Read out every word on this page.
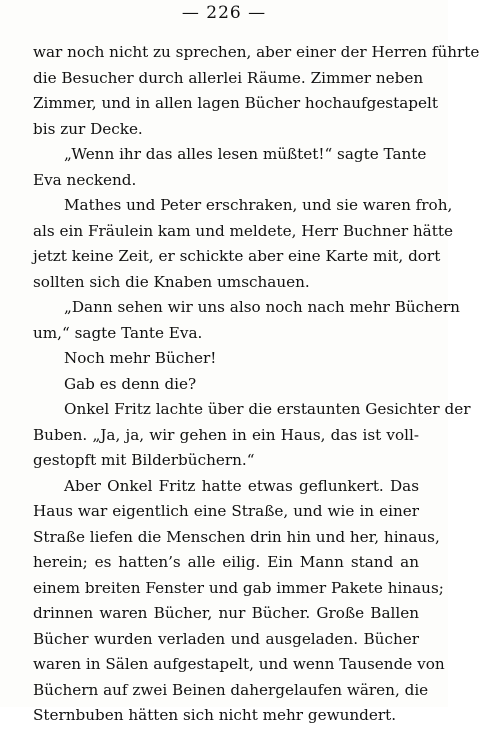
— 226 —
war noch nicht zu sprechen, aber einer der Herren führte
die Besucher durch allerlei Räume. Zimmer neben
Zimmer, und in allen lagen Bücher hochaufgestapelt
bis zur Decke.
„Wenn ihr das alles lesen müßtet!“ sagte Tante
Eva neckend.
Mathes und Peter erschraken, und sie waren froh,
als ein Fräulein kam und meldete, Herr Buchner hätte
jetzt keine Zeit, er schickte aber eine Karte mit, dort
sollten sich die Knaben umschauen.
„Dann sehen wir uns also noch nach mehr Büchern
um,“ sagte Tante Eva.
Noch mehr Bücher!
Gab es denn die?
Onkel Fritz lachte über die erstaunten Gesichter der
Buben. „Ja, ja, wir gehen in ein Haus, das ist voll-
gestopft mit Bilderbüchern.“
Aber Onkel Fritz hatte etwas geflunkert. Das
Haus war eigentlich eine Straße, und wie in einer
Straße liefen die Menschen drin hin und her, hinaus,
herein; es hatten’s alle eilig. Ein Mann stand an
einem breiten Fenster und gab immer Pakete hinaus;
drinnen waren Bücher, nur Bücher. Große Ballen
Bücher wurden verladen und ausgeladen. Bücher
waren in Sälen aufgestapelt, und wenn Tausende von
Büchern auf zwei Beinen dahergelaufen wären, die
Sternbuben hätten sich nicht mehr gewundert.
